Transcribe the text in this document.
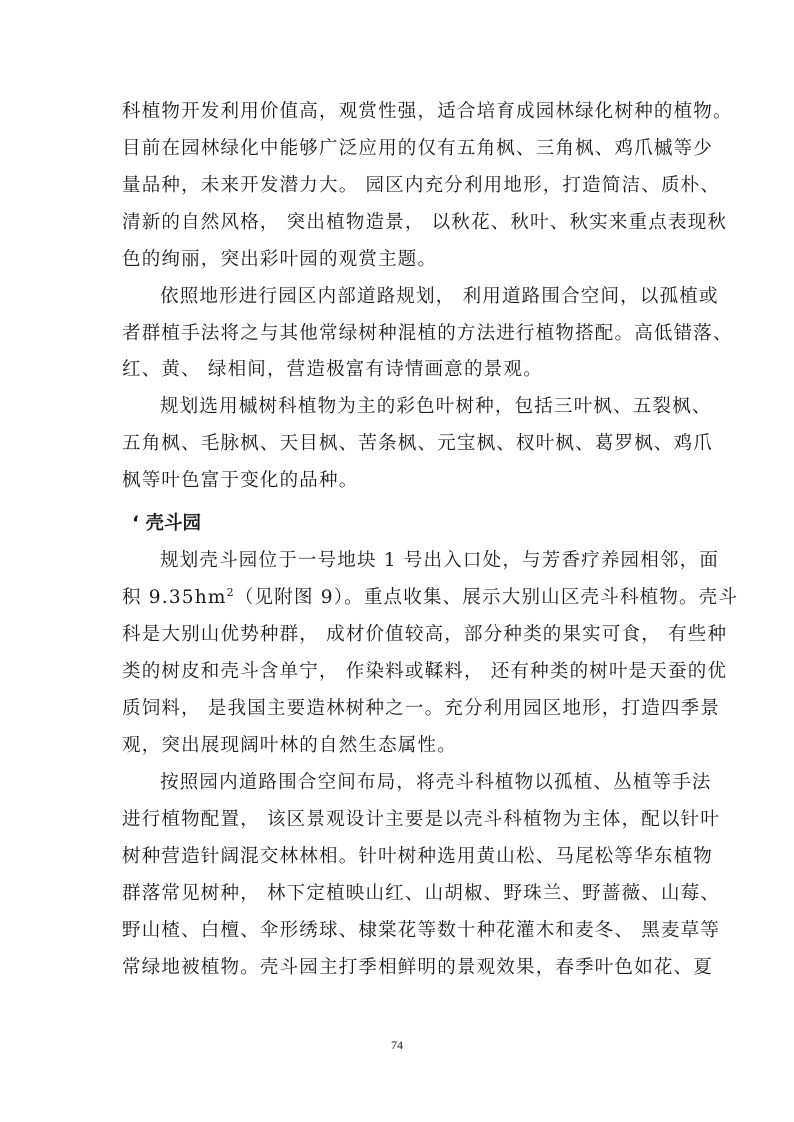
科植物开发利用价值高，观赏性强，适合培育成园林绿化树种的植物。
目前在园林绿化中能够广泛应用的仅有五角枫、三角枫、鸡爪槭等少
量品种，未来开发潜力大。 园区内充分利用地形，打造简洁、质朴、
清新的自然风格， 突出植物造景， 以秋花、秋叶、秋实来重点表现秋
色的绚丽，突出彩叶园的观赏主题。
依照地形进行园区内部道路规划， 利用道路围合空间，以孤植或
者群植手法将之与其他常绿树种混植的方法进行植物搭配。高低错落、
红、黄、 绿相间，营造极富有诗情画意的景观。
规划选用槭树科植物为主的彩色叶树种，包括三叶枫、五裂枫、
五角枫、毛脉枫、天目枫、苦条枫、元宝枫、杈叶枫、葛罗枫、鸡爪
枫等叶色富于变化的品种。
‘ 壳斗园
规划壳斗园位于一号地块 1 号出入口处，与芳香疗养园相邻，面
积 $9.35hm^2$（见附图 9）。重点收集、展示大别山区壳斗科植物。壳斗
科是大别山优势种群， 成材价值较高，部分种类的果实可食， 有些种
类的树皮和壳斗含单宁， 作染料或鞣料， 还有种类的树叶是天蚕的优
质饲料， 是我国主要造林树种之一。充分利用园区地形，打造四季景
观，突出展现阔叶林的自然生态属性。
按照园内道路围合空间布局，将壳斗科植物以孤植、丛植等手法
进行植物配置， 该区景观设计主要是以壳斗科植物为主体，配以针叶
树种营造针阔混交林林相。针叶树种选用黄山松、马尾松等华东植物
群落常见树种， 林下定植映山红、山胡椒、野珠兰、野蔷薇、山莓、
野山楂、白檀、伞形绣球、棣棠花等数十种花灌木和麦冬、 黑麦草等
常绿地被植物。壳斗园主打季相鲜明的景观效果，春季叶色如花、夏
74
